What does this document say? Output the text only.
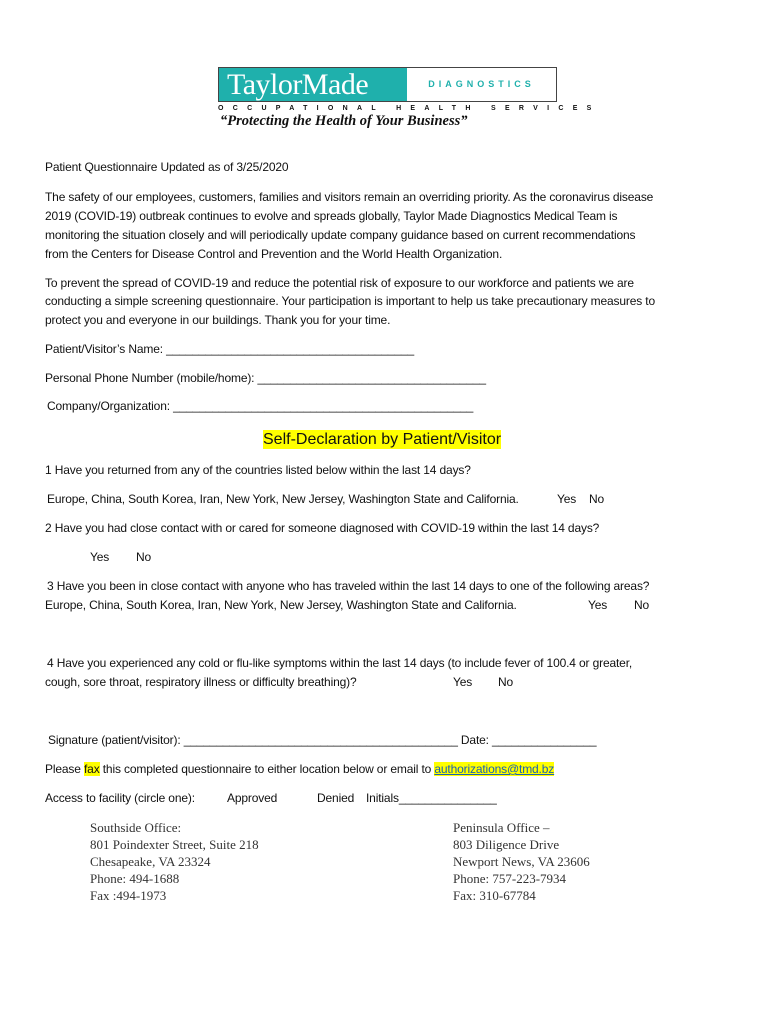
TaylorMade	DIAGNOSTICS
OCCUPATIONAL HEALTH SERVICES
“Protecting the Health of Your Business”
Patient Questionnaire Updated as of 3/25/2020
The safety of our employees, customers, families and visitors remain an overriding priority. As the coronavirus disease
2019 (COVID-19) outbreak continues to evolve and spreads globally, Taylor Made Diagnostics Medical Team is
monitoring the situation closely and will periodically update company guidance based on current recommendations
from the Centers for Disease Control and Prevention and the World Health Organization.
To prevent the spread of COVID-19 and reduce the potential risk of exposure to our workforce and patients we are
conducting a simple screening questionnaire. Your participation is important to help us take precautionary measures to
protect you and everyone in our buildings. Thank you for your time.
Patient/Visitor’s Name: ______________________________________
Personal Phone Number (mobile/home): ___________________________________
Company/Organization: ______________________________________________
Self-Declaration by Patient/Visitor
1 Have you returned from any of the countries listed below within the last 14 days?
Europe, China, South Korea, Iran, New York, New Jersey, Washington State and California.	Yes No
2 Have you had close contact with or cared for someone diagnosed with COVID-19 within the last 14 days?
Yes No
3 Have you been in close contact with anyone who has traveled within the last 14 days to one of the following areas?
Europe, China, South Korea, Iran, New York, New Jersey, Washington State and California.	Yes No
4 Have you experienced any cold or flu-like symptoms within the last 14 days (to include fever of 100.4 or greater,
cough, sore throat, respiratory illness or difficulty breathing)?	Yes No
Signature (patient/visitor): __________________________________________ Date: ________________
Please fax this completed questionnaire to either location below or email to authorizations@tmd.bz
Access to facility (circle one):	Approved	Denied Initials_______________
Southside Office:
801 Poindexter Street, Suite 218
Chesapeake, VA 23324
Phone: 494-1688
Fax :494-1973
Peninsula Office –
803 Diligence Drive
Newport News, VA 23606
Phone: 757-223-7934
Fax: 310-67784
